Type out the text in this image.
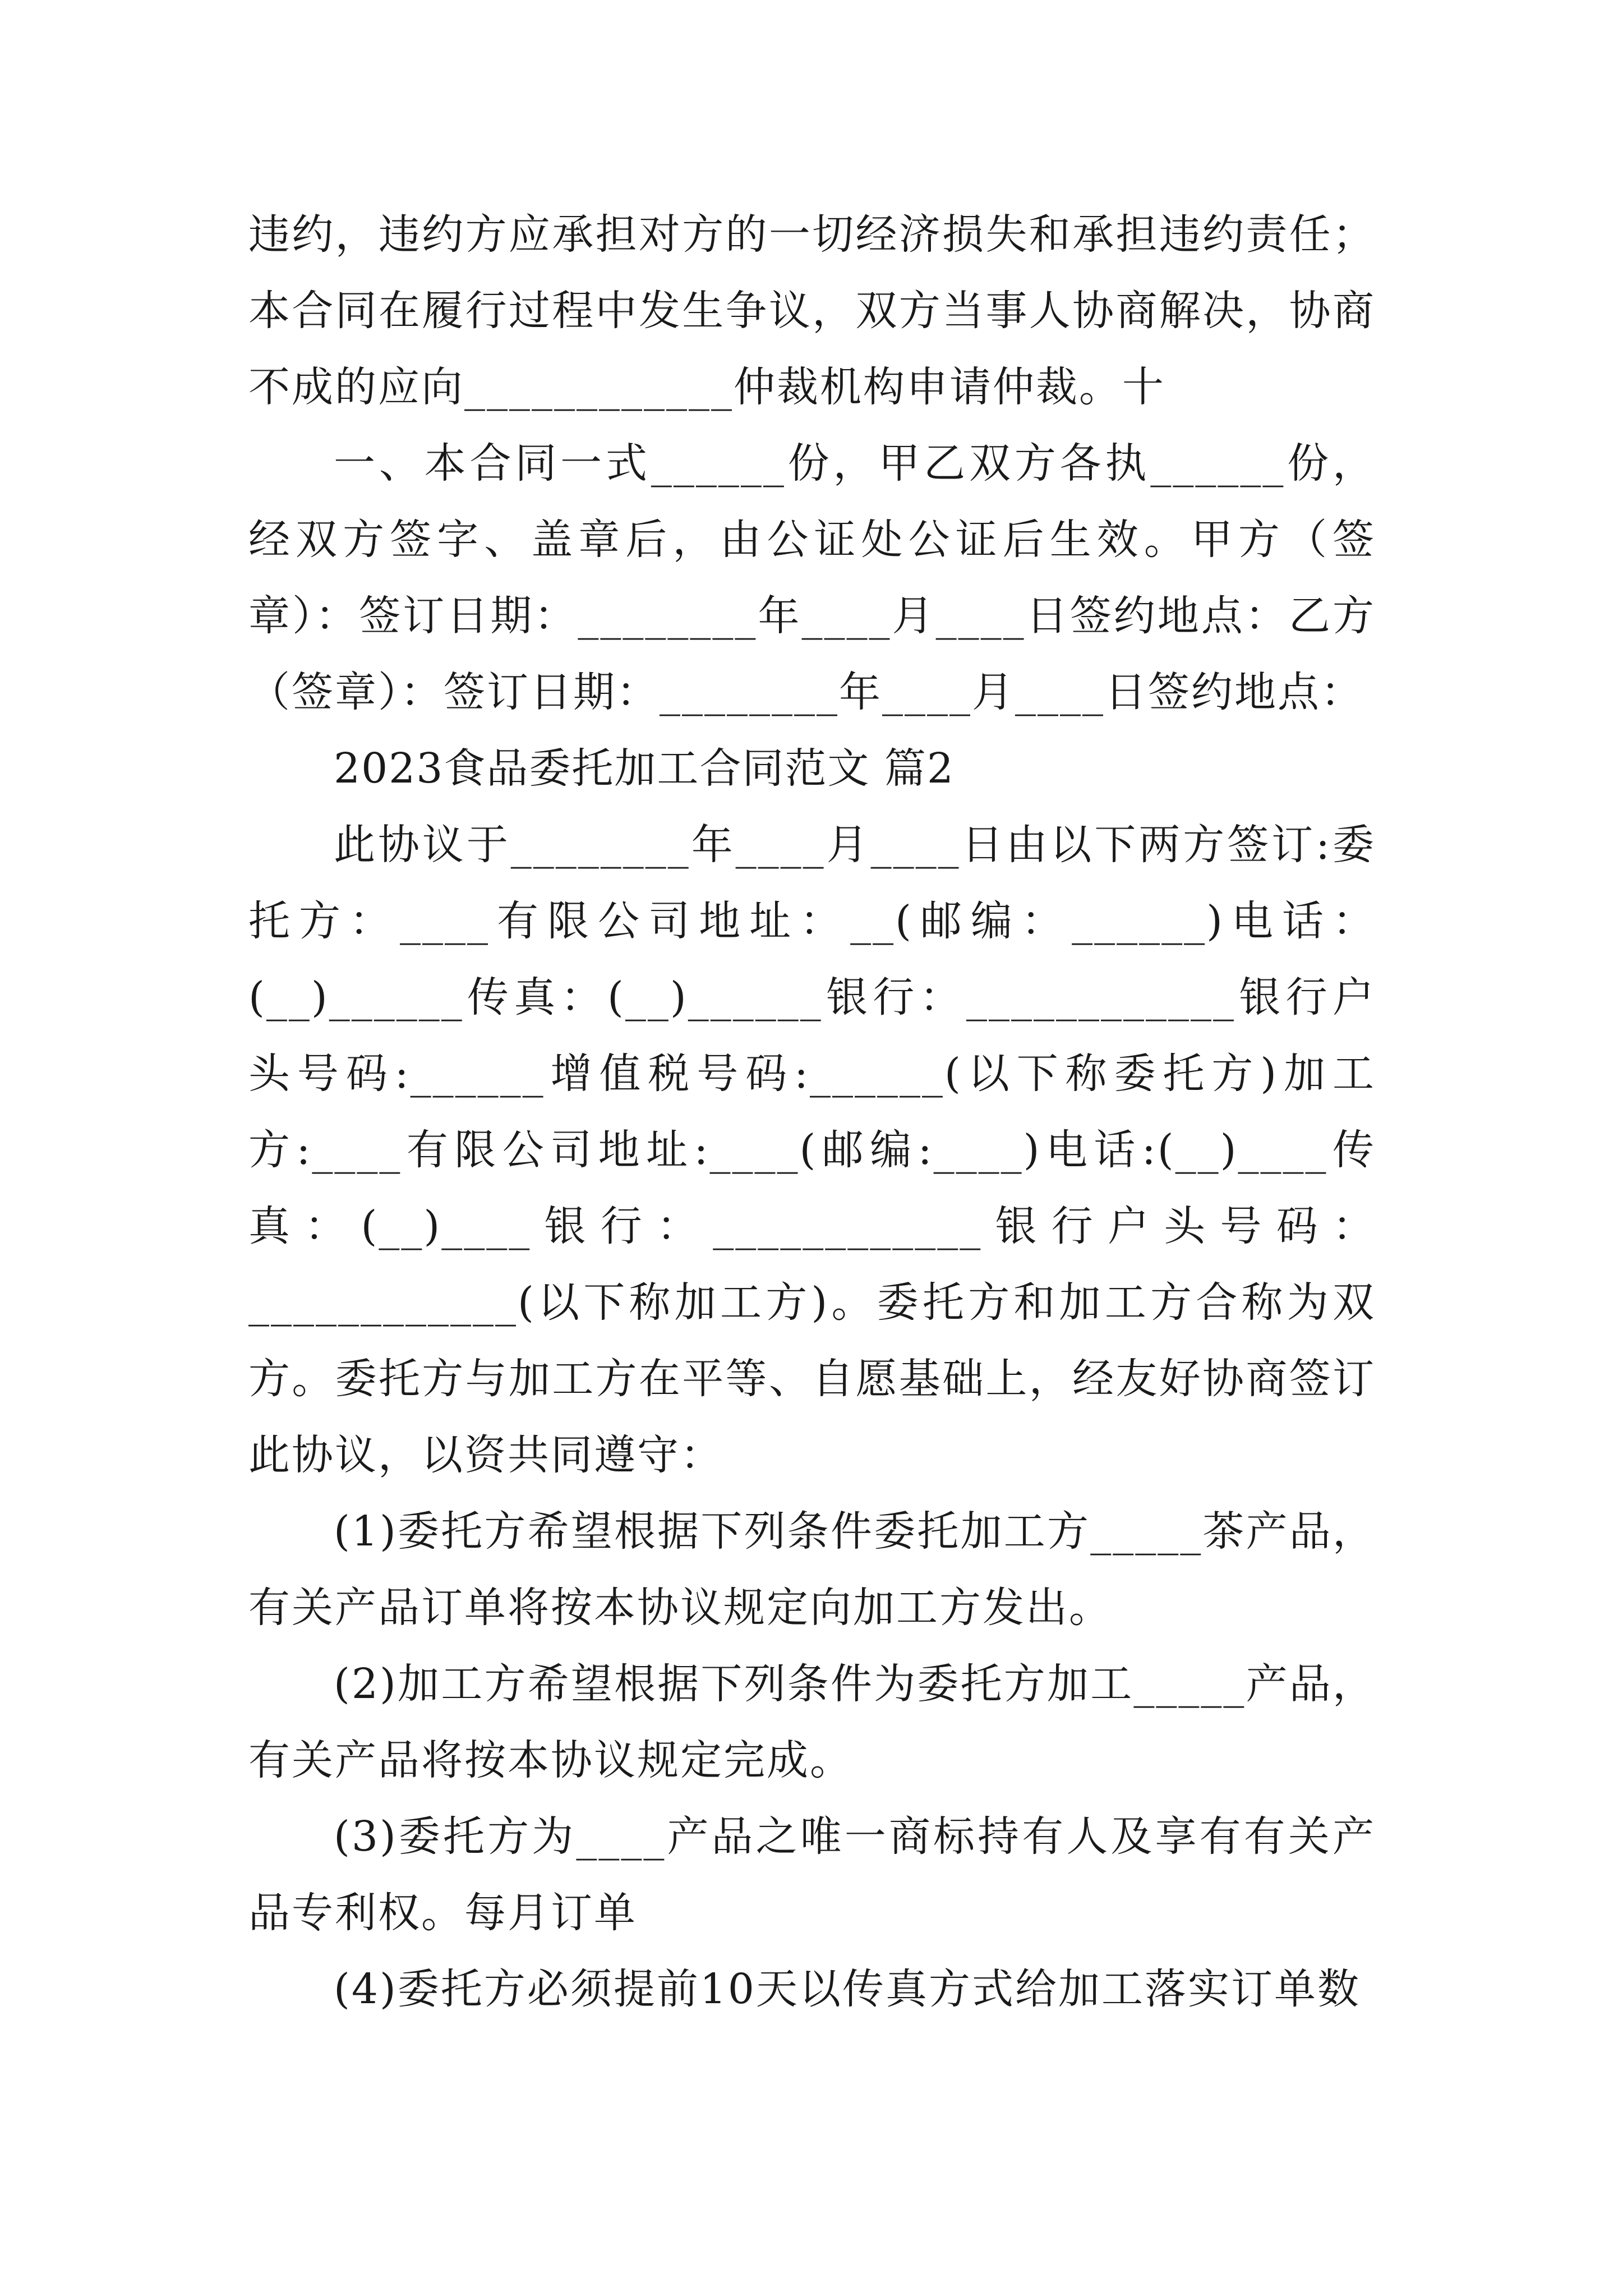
违约，违约方应承担对方的一切经济损失和承担违约责任；本合同在履行过程中发生争议，双方当事人协商解决，协商不成的应向____________仲裁机构申请仲裁。十

一、本合同一式______份，甲乙双方各执______份，经双方签字、盖章后，由公证处公证后生效。甲方（签章）：签订日期：________年____月____日签约地点：乙方（签章）：签订日期：________年____月____日签约地点：

2023食品委托加工合同范文 篇2

此协议于________年____月____日由以下两方签订:委托方：____有限公司地址：__(邮编：______)电话：(__)______传真：(__)______银行：____________银行户头号码:______增值税号码:______(以下称委托方)加工方:____有限公司地址:____(邮编:____)电话:(__)____传真：(__)____银行：____________银行户头号码：____________(以下称加工方)。委托方和加工方合称为双方。委托方与加工方在平等、自愿基础上，经友好协商签订此协议，以资共同遵守：

(1)委托方希望根据下列条件委托加工方_____茶产品，有关产品订单将按本协议规定向加工方发出。

(2)加工方希望根据下列条件为委托方加工_____产品，有关产品将按本协议规定完成。

(3)委托方为____产品之唯一商标持有人及享有有关产品专利权。每月订单

(4)委托方必须提前10天以传真方式给加工落实订单数
